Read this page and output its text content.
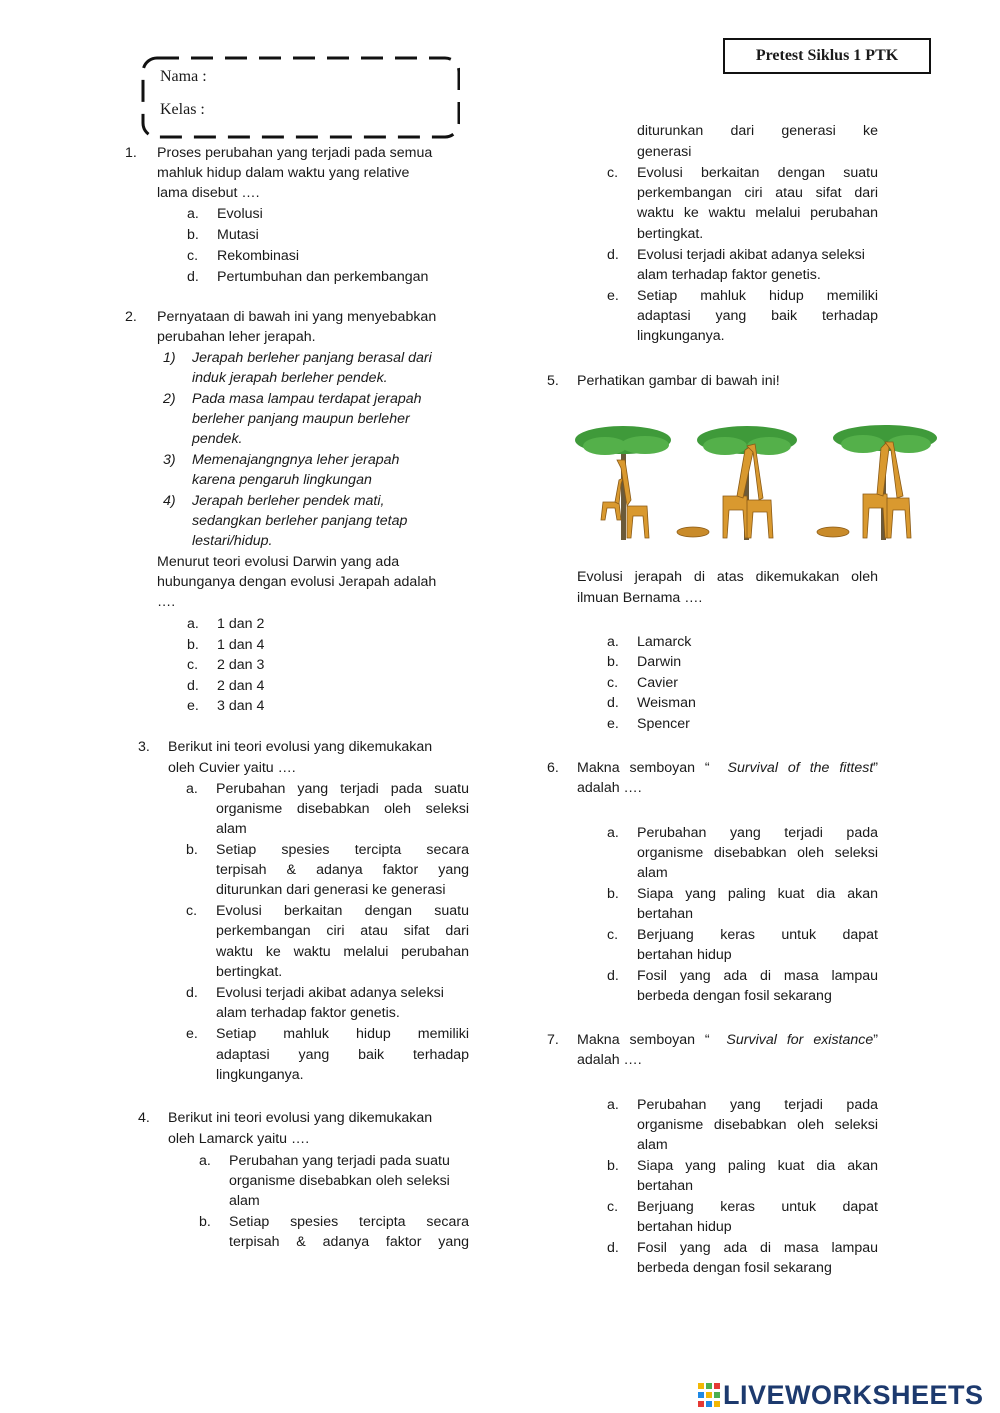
Pretest Siklus 1 PTK
Nama :
Kelas :
1. Proses perubahan yang terjadi pada semua
mahluk hidup dalam waktu yang relative
lama disebut ….
a. Evolusi
b. Mutasi
c. Rekombinasi
d. Pertumbuhan dan perkembangan
2. Pernyataan di bawah ini yang menyebabkan
perubahan leher jerapah.
1) Jerapah berleher panjang berasal dari
induk jerapah berleher pendek.
2) Pada masa lampau terdapat jerapah
berleher panjang maupun berleher
pendek.
3) Memenajangngnya leher jerapah
karena pengaruh lingkungan
4) Jerapah berleher pendek mati,
sedangkan berleher panjang tetap
lestari/hidup.
Menurut teori evolusi Darwin yang ada
hubunganya dengan evolusi Jerapah adalah
….
a. 1 dan 2
b. 1 dan 4
c. 2 dan 3
d. 2 dan 4
e. 3 dan 4
3. Berikut ini teori evolusi yang dikemukakan
oleh Cuvier yaitu ….
a. Perubahan yang terjadi pada suatu
organisme disebabkan oleh seleksi
alam
b. Setiap spesies tercipta secara
terpisah & adanya faktor yang
diturunkan dari generasi ke generasi
c. Evolusi berkaitan dengan suatu
perkembangan ciri atau sifat dari
waktu ke waktu melalui perubahan
bertingkat.
d. Evolusi terjadi akibat adanya seleksi
alam terhadap faktor genetis.
e. Setiap mahluk hidup memiliki
adaptasi yang baik terhadap
lingkunganya.
4. Berikut ini teori evolusi yang dikemukakan
oleh Lamarck yaitu ….
a. Perubahan yang terjadi pada suatu
organisme disebabkan oleh seleksi
alam
b. Setiap spesies tercipta secara
terpisah & adanya faktor yang
diturunkan dari generasi ke
generasi
c. Evolusi berkaitan dengan suatu
perkembangan ciri atau sifat dari
waktu ke waktu melalui perubahan
bertingkat.
d. Evolusi terjadi akibat adanya seleksi
alam terhadap faktor genetis.
e. Setiap mahluk hidup memiliki
adaptasi yang baik terhadap
lingkunganya.
5. Perhatikan gambar di bawah ini!
Evolusi jerapah di atas dikemukakan oleh
ilmuan Bernama ….
a. Lamarck
b. Darwin
c. Cavier
d. Weisman
e. Spencer
6. Makna semboyan “	Survival of the fittest”
adalah ….
a. Perubahan yang terjadi pada
organisme disebabkan oleh seleksi
alam
b. Siapa yang paling kuat dia akan
bertahan
c. Berjuang keras untuk dapat
bertahan hidup
d. Fosil yang ada di masa lampau
berbeda dengan fosil sekarang
7. Makna semboyan “	Survival for existance”
adalah ….
a. Perubahan yang terjadi pada
organisme disebabkan oleh seleksi
alam
b. Siapa yang paling kuat dia akan
bertahan
c. Berjuang keras untuk dapat
bertahan hidup
d. Fosil yang ada di masa lampau
berbeda dengan fosil sekarang
LIVEWORKSHEETS
